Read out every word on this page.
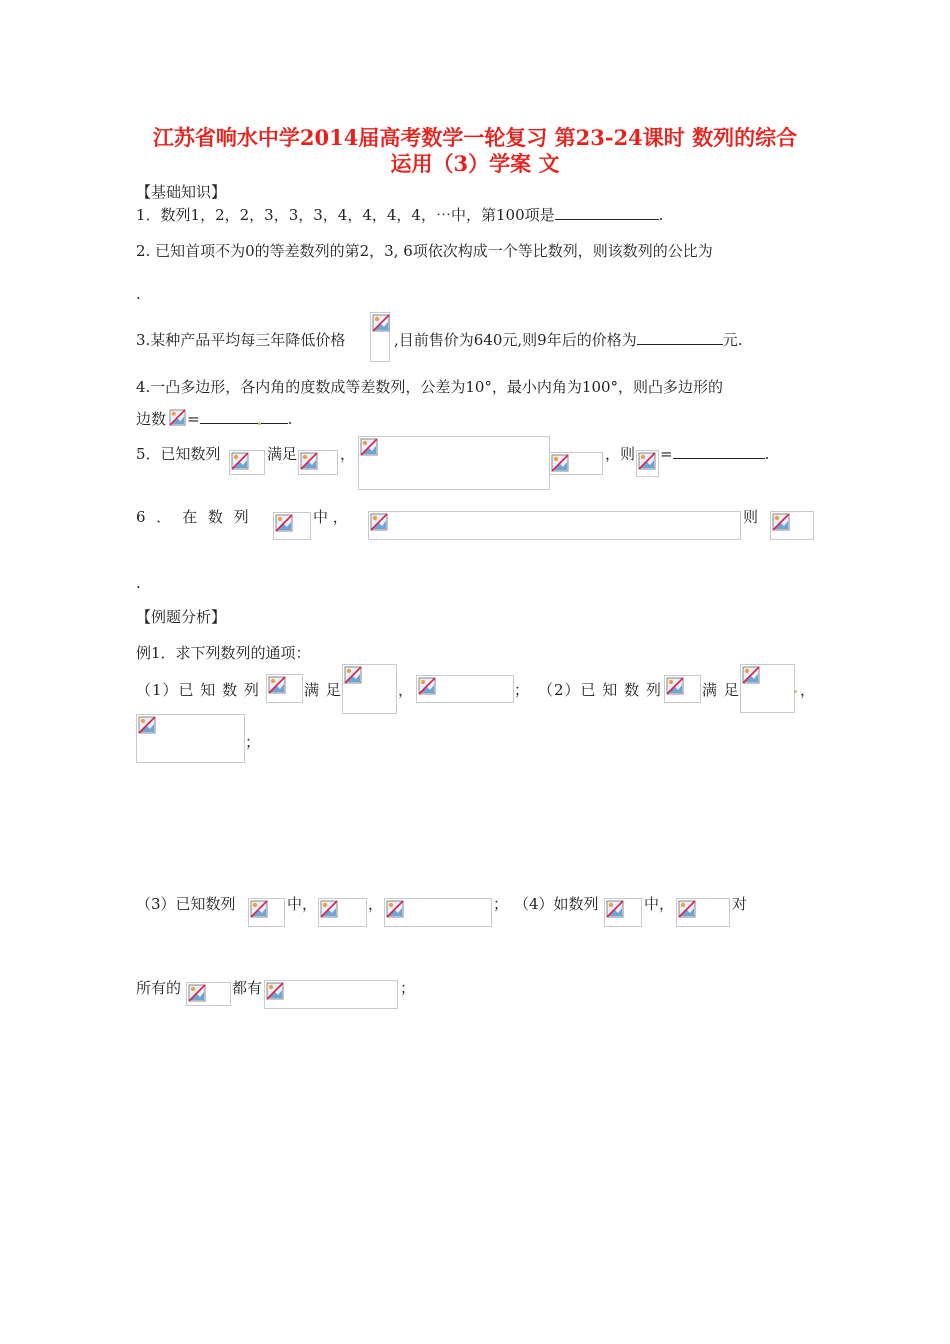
江苏省响水中学2014届高考数学一轮复习 第23-24课时 数列的综合
运用（3）学案 文
【基础知识】
1．数列1，2，2，3，3，3，4，4，4，4，⋯中，第100项是	.
2. 已知首项不为0的等差数列的第2，3, 6项依次构成一个等比数列，则该数列的公比为
.
3.某种产品平均每三年降低价格	,目前售价为640元,则9年后的价格为	元.
4.一凸多边形，各内角的度数成等差数列，公差为10°，最小内角为100°，则凸多边形的
边数 =	.
5．已知数列	满足	，	，则 =	.
6 ． 在 数 列	中 ，	则
.
【例题分析】
例1．求下列数列的通项：
（1）已 知 数 列	满 足	，	； （2）已 知 数 列	满 足	，
；
（3）已知数列	中，	，	； （4）如数列	中，	对
所有的	都有	；
